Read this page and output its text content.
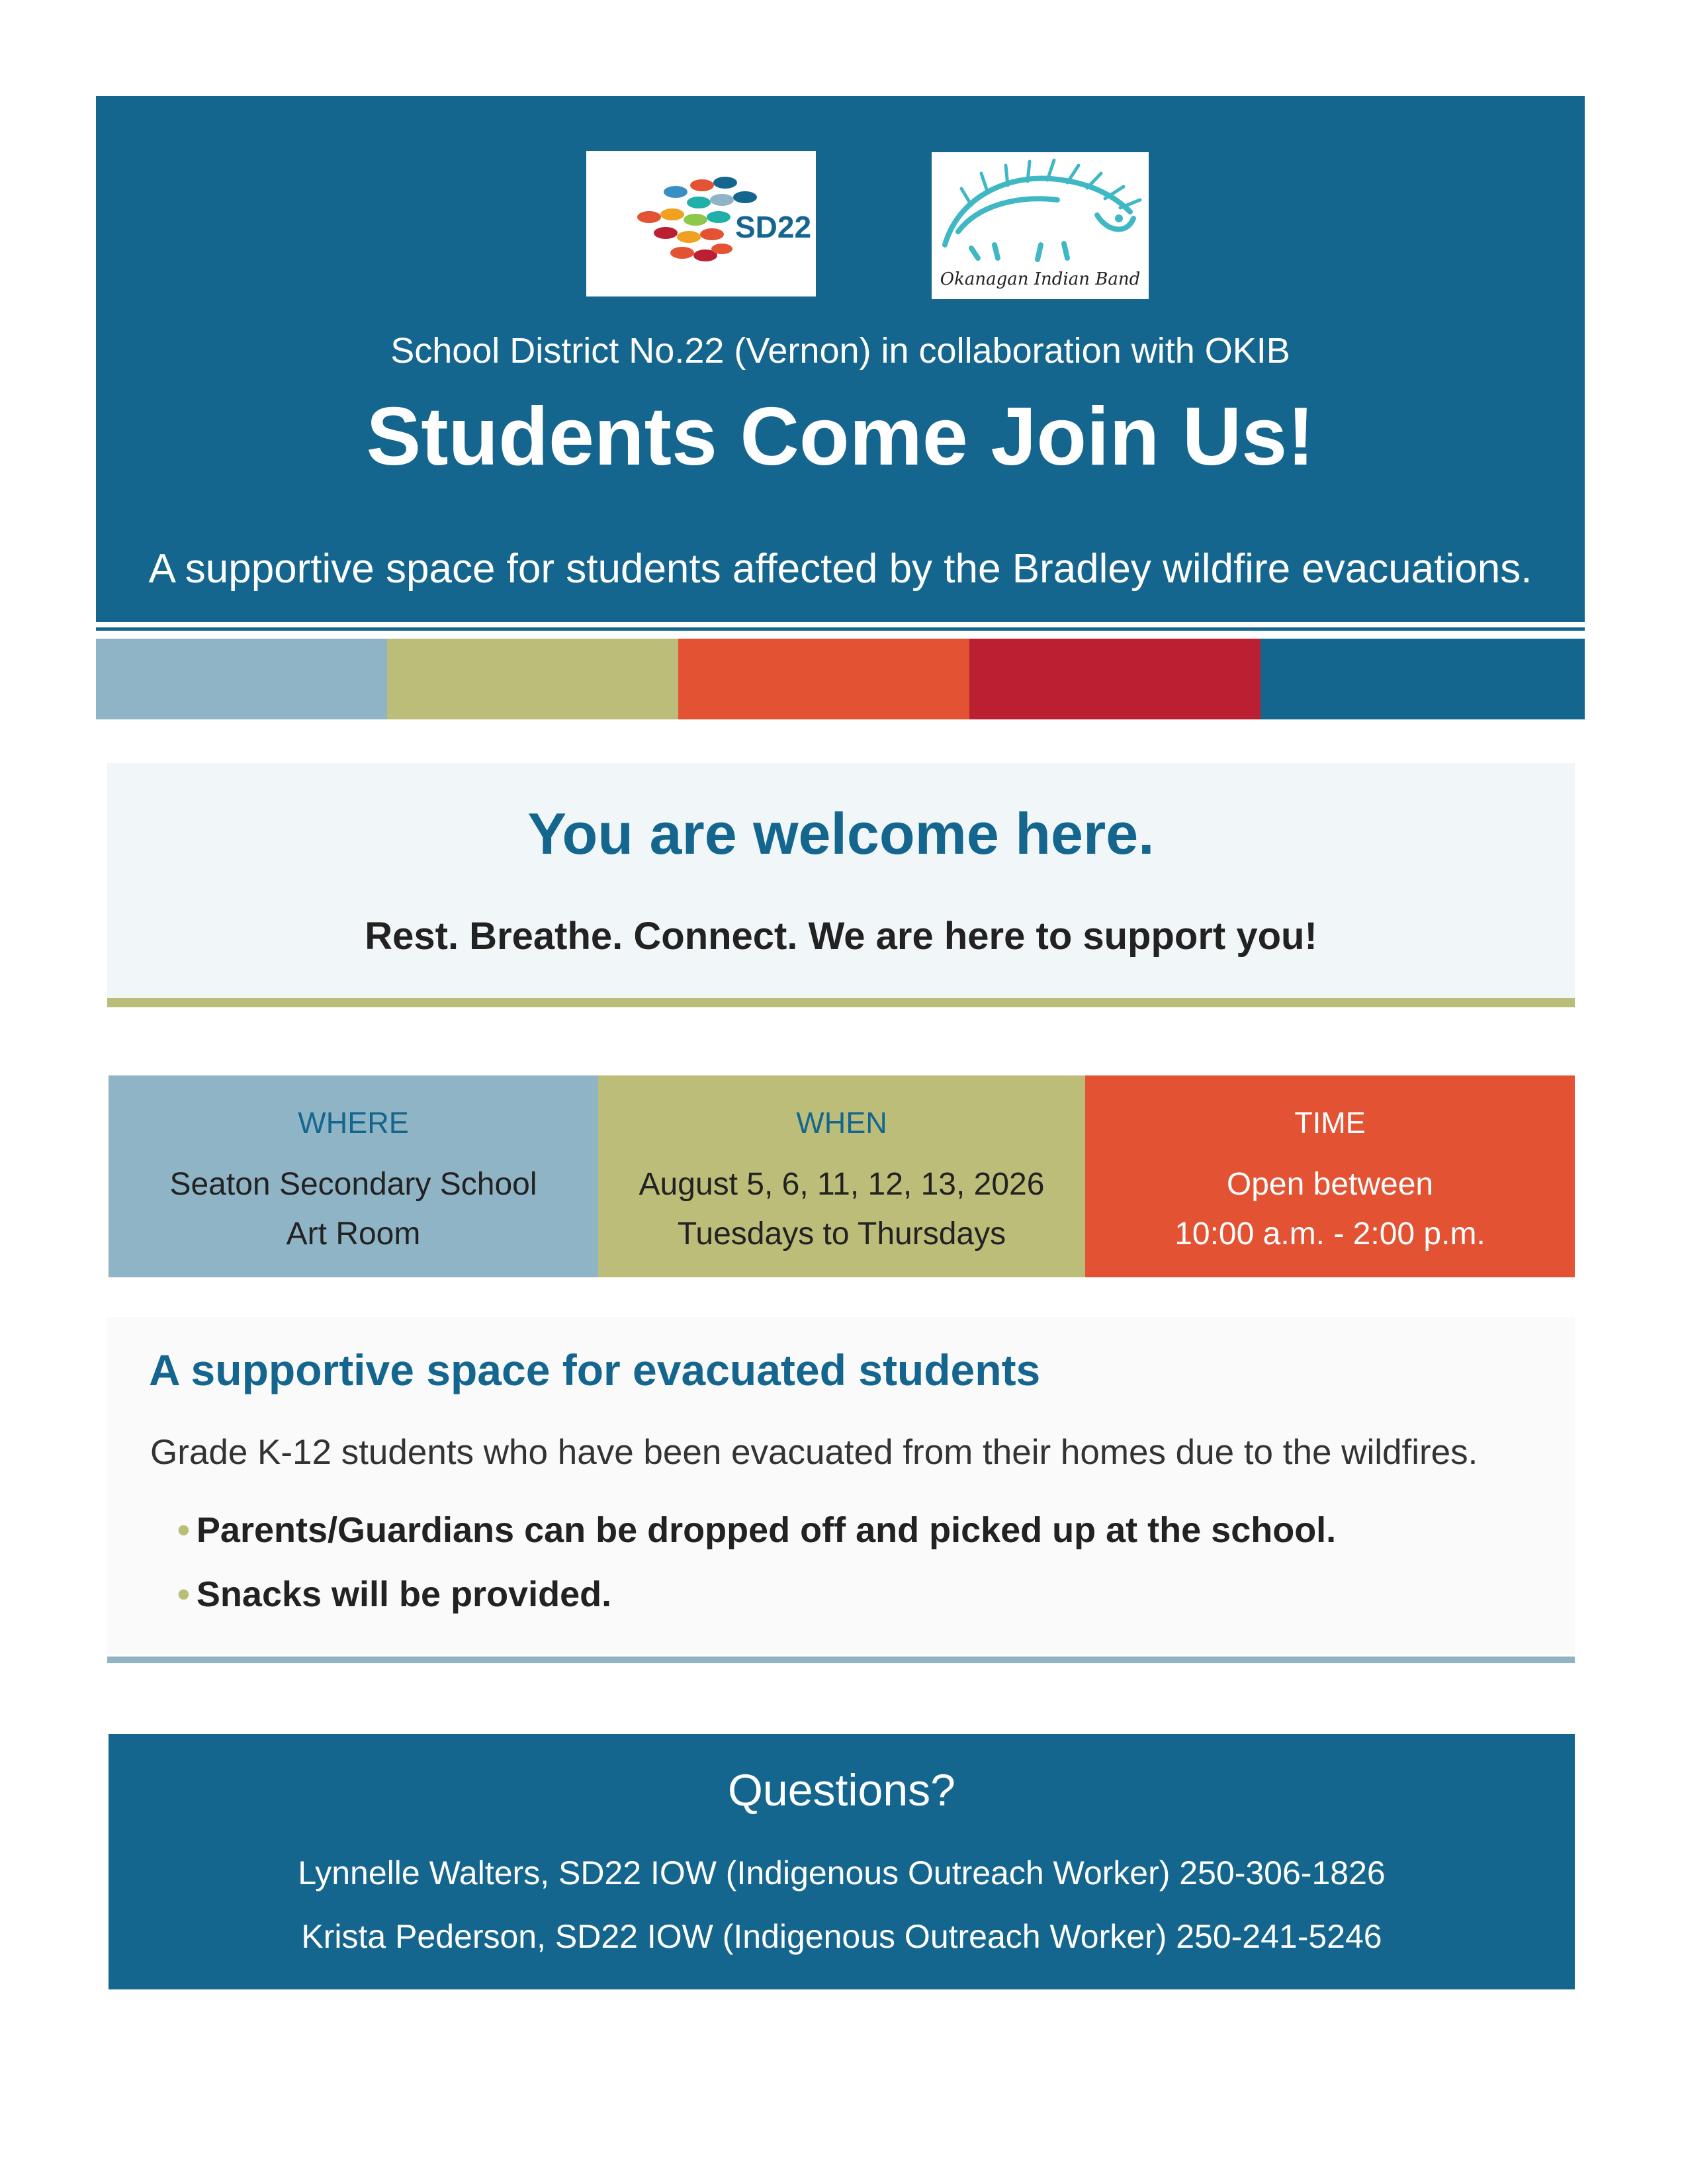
SD22
Okanagan Indian Band
School District No.22 (Vernon) in collaboration with OKIB
Students Come Join Us!
A supportive space for students affected by the Bradley wildfire evacuations.
You are welcome here.
Rest. Breathe. Connect. We are here to support you!
WHERE
Seaton Secondary School
Art Room
WHEN
August 5, 6, 11, 12, 13, 2026
Tuesdays to Thursdays
TIME
Open between
10:00 a.m. - 2:00 p.m.
A supportive space for evacuated students
Grade K-12 students who have been evacuated from their homes due to the wildfires.
• Parents/Guardians can be dropped off and picked up at the school.
• Snacks will be provided.
Questions?
Lynnelle Walters, SD22 IOW (Indigenous Outreach Worker) 250-306-1826
Krista Pederson, SD22 IOW (Indigenous Outreach Worker) 250-241-5246
